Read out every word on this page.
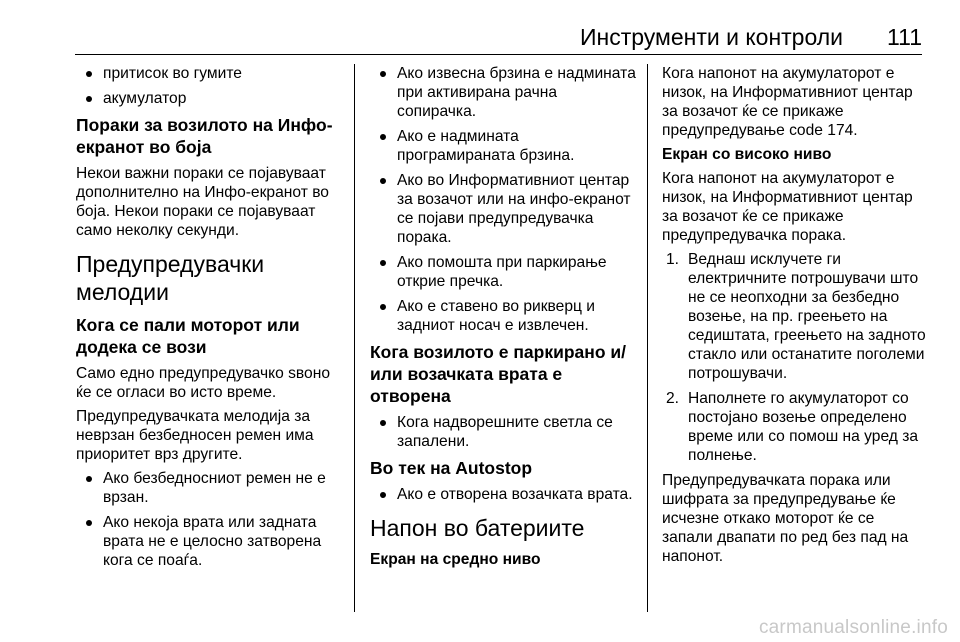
Инструменти и контроли 111
притисок во гумите
акумулатор
Пораки за возилото на Инфо-екранот во боја

Некои важни пораки се појавуваат дополнително на Инфо-екранот во боја. Некои пораки се појавуваат само неколку секунди.

Предупредувачки мелодии
Кога се пали моторот или додека се вози

Само едно предупредувачко ѕвоно ќе се огласи во исто време.

Предупредувачката мелодија за неврзан безбедносен ремен има приоритет врз другите.

Ако безбедносниот ремен не е врзан.
Ако некоја врата или задната врата не е целосно затворена кога се поаѓа.
Ако извесна брзина е надминатa при активирана рачна сопирачка.
Ако е надмината програмираната брзина.
Ако во Информативниот центар за возачот или на инфо-екранот се појави предупредувачка порака.
Ако помошта при паркирање открие пречка.
Ако е ставено во рикверц и задниот носач е извлечен.
Кога возилото е паркирано и/или возачката врата е отворена
Кога надворешните светла се запалени.
Во тек на Autostop
Ако е отворена возачката врата.
Напон во батериите
Екран на средно ниво

Кога напонот на акумулаторот е низок, на Информативниот центар за возачот ќе се прикаже предупредување code 174.

Екран со високо ниво

Кога напонот на акумулаторот е низок, на Информативниот центар за возачот ќе се прикаже предупредувачка порака.

1. Веднаш исклучете ги електричните потрошувачи што не се неопходни за безбедно возење, на пр. греењето на седиштата, греењето на задното стакло или останатите поголеми потрошувачи.
2. Наполнете го акумулаторот со постојано возење определено време или со помош на уред за полнење.

Предупредувачката порака или шифрата за предупредување ќе исчезне откако моторот ќе се запали двапати по ред без пад на напонот.

carmanualsonline.info
